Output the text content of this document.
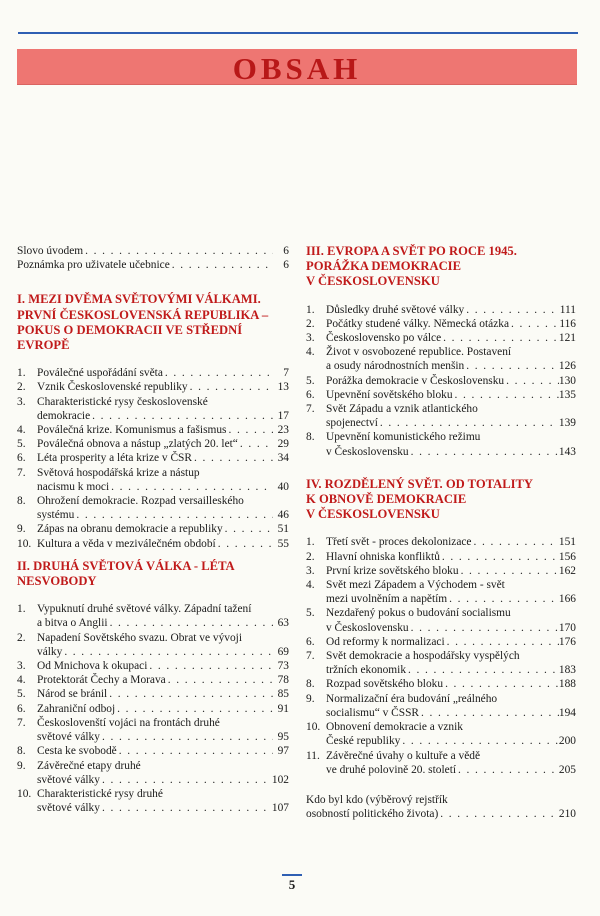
OBSAH
Slovo úvodem . . .	6
Poznámka pro uživatele učebnice . . .	6
I. MEZI DVĚMA SVĚTOVÝMI VÁLKAMI.
PRVNÍ ČESKOSLOVENSKÁ REPUBLIKA –
POKUS O DEMOKRACII VE STŘEDNÍ
EVROPĚ
1.	Poválečné uspořádání světa . . .	7
2.	Vznik Československé republiky . . .	13
3.	Charakteristické rysy československé
demokracie . . .	17
4.	Poválečná krize. Komunismus a fašismus . . .	23
5.	Poválečná obnova a nástup „zlatých 20. let“ . . .	29
6.	Léta prosperity a léta krize v ČSR . . .	34
7.	Světová hospodářská krize a nástup
nacismu k moci . . .	40
8.	Ohrožení demokracie. Rozpad versailleského
systému . . .	46
9.	Zápas na obranu demokracie a republiky . . .	51
10. Kultura a věda v meziválečném období . . .	55
II. DRUHÁ SVĚTOVÁ VÁLKA - LÉTA
NESVOBODY
1.	Vypuknutí druhé světové války. Západní tažení
a bitva o Anglii . . .	63
2.	Napadení Sovětského svazu. Obrat ve vývoji
války . . .	69
3.	Od Mnichova k okupaci . . .	73
4.	Protektorát Čechy a Morava . . .	78
5.	Národ se bránil . . .	85
6.	Zahraniční odboj . . .	91
7.	Českoslovenští vojáci na frontách druhé
světové války . . .	95
8.	Cesta ke svobodě . . .	97
9.	Závěrečné etapy druhé
světové války . . .	102
10. Charakteristické rysy druhé
světové války . . .	107
III. EVROPA A SVĚT PO ROCE 1945.
PORÁŽKA DEMOKRACIE
V ČESKOSLOVENSKU
1.	Důsledky druhé světové války . . .	111
2.	Počátky studené války. Německá otázka . . .	116
3.	Československo po válce . . .	121
4.	Život v osvobozené republice. Postavení
a osudy národnostních menšin . . .	126
5.	Porážka demokracie v Československu . . .	130
6.	Upevnění sovětského bloku . . .	135
7.	Svět Západu a vznik atlantického
spojenectví . . .	139
8.	Upevnění komunistického režimu
v Československu . . .	143
IV. ROZDĚLENÝ SVĚT. OD TOTALITY
K OBNOVĚ DEMOKRACIE
V ČESKOSLOVENSKU
1.	Třetí svět - proces dekolonizace . . .	151
2.	Hlavní ohniska konfliktů . . .	156
3.	První krize sovětského bloku . . .	162
4.	Svět mezi Západem a Východem - svět
mezi uvolněním a napětím . . .	166
5.	Nezdařený pokus o budování socialismu
v Československu . . .	170
6.	Od reformy k normalizaci . . .	176
7.	Svět demokracie a hospodářsky vyspělých
tržních ekonomik . . .	183
8.	Rozpad sovětského bloku . . .	188
9.	Normalizační éra budování „reálného
socialismu“ v ČSSR . . .	194
10. Obnovení demokracie a vznik
České republiky . . .	200
11. Závěrečné úvahy o kultuře a vědě
ve druhé polovině 20. století . . .	205
Kdo byl kdo (výběrový rejstřík
osobností politického života) . . .	210
5
